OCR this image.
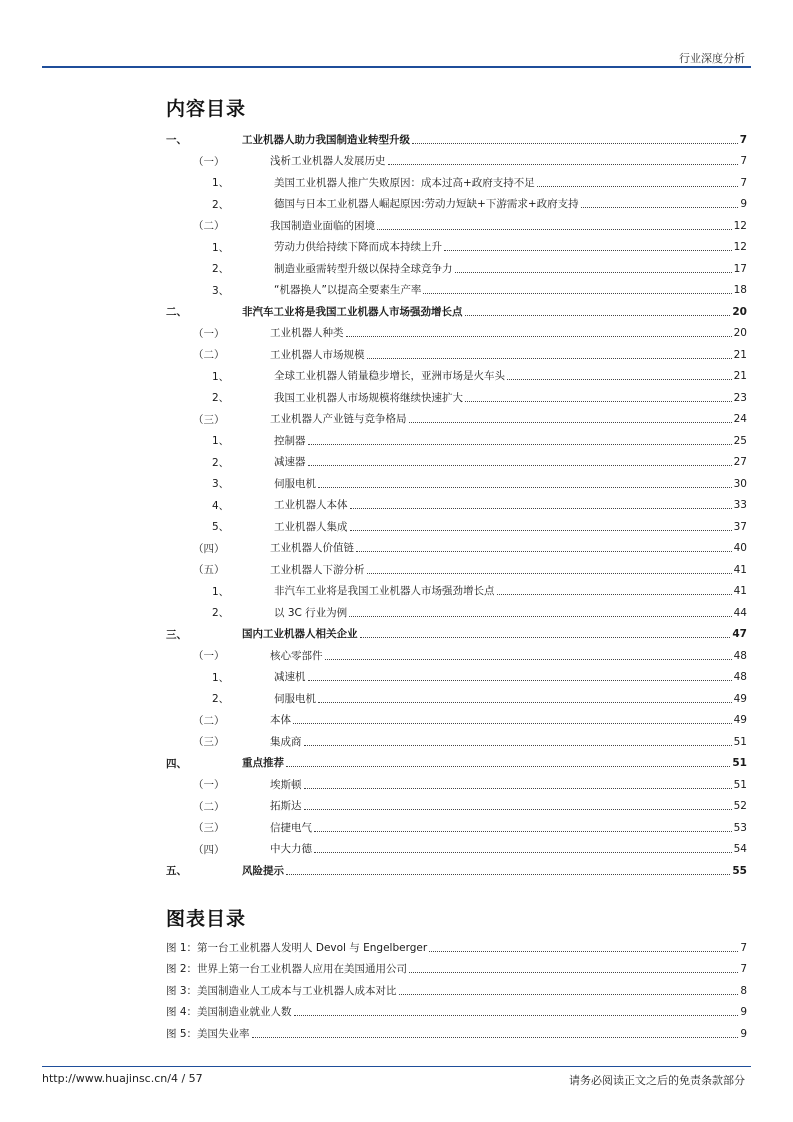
行业深度分析
内容目录
一、	工业机器人助力我国制造业转型升级	7
（一）	浅析工业机器人发展历史	7
1、	美国工业机器人推广失败原因：成本过高+政府支持不足	7
2、	德国与日本工业机器人崛起原因:劳动力短缺+下游需求+政府支持	9
（二）	我国制造业面临的困境	12
1、	劳动力供给持续下降而成本持续上升	12
2、	制造业亟需转型升级以保持全球竞争力	17
3、	“机器换人”以提高全要素生产率	18
二、	非汽车工业将是我国工业机器人市场强劲增长点	20
（一）	工业机器人种类	20
（二）	工业机器人市场规模	21
1、	全球工业机器人销量稳步增长，亚洲市场是火车头	21
2、	我国工业机器人市场规模将继续快速扩大	23
（三）	工业机器人产业链与竞争格局	24
1、	控制器	25
2、	减速器	27
3、	伺服电机	30
4、	工业机器人本体	33
5、	工业机器人集成	37
（四）	工业机器人价值链	40
（五）	工业机器人下游分析	41
1、	非汽车工业将是我国工业机器人市场强劲增长点	41
2、	以 3C 行业为例	44
三、	国内工业机器人相关企业	47
（一）	核心零部件	48
1、	减速机	48
2、	伺服电机	49
（二）	本体	49
（三）	集成商	51
四、	重点推荐	51
（一）	埃斯顿	51
（二）	拓斯达	52
（三）	信捷电气	53
（四）	中大力德	54
五、	风险提示	55
图表目录
图 1：第一台工业机器人发明人 Devol 与 Engelberger	7
图 2：世界上第一台工业机器人应用在美国通用公司	7
图 3：美国制造业人工成本与工业机器人成本对比	8
图 4：美国制造业就业人数	9
图 5：美国失业率	9
http://www.huajinsc.cn/4 / 57	请务必阅读正文之后的免责条款部分
